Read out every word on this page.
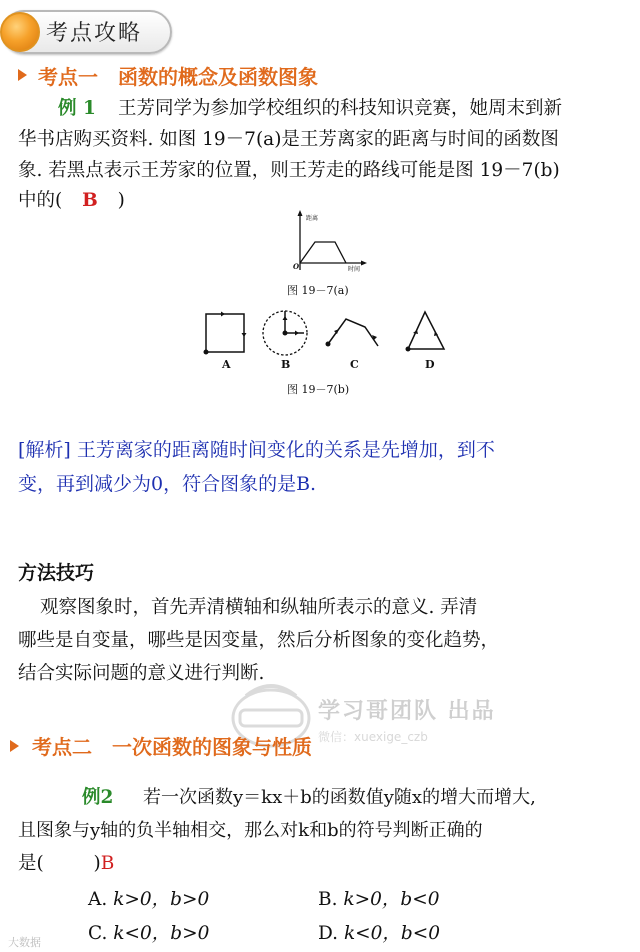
考点攻略
考点一　函数的概念及函数图象
例 1 王芳同学为参加学校组织的科技知识竞赛，她周末到新
华书店购买资料. 如图 19－7(a)是王芳离家的距离与时间的函数图
象. 若黑点表示王芳家的位置，则王芳走的路线可能是图 19－7(b)
中的( B )
距离
时间
O
图 19－7(a)
A	B	C	D
图 19－7(b)
[解析] 王芳离家的距离随时间变化的关系是先增加，到不
变，再到减少为0，符合图象的是B.
方法技巧
观察图象时，首先弄清横轴和纵轴所表示的意义. 弄清
哪些是自变量，哪些是因变量，然后分析图象的变化趋势，
结合实际问题的意义进行判断.
学习哥团队 出品
微信：xuexige_czb
考点二　一次函数的图象与性质
例2 若一次函数y＝kx＋b的函数值y随x的增大而增大,
且图象与y轴的负半轴相交，那么对k和b的符号判断正确的
是(	)B
A. k>0，b>0	B. k>0，b<0
C. k<0，b>0	D. k<0，b<0
大数据
